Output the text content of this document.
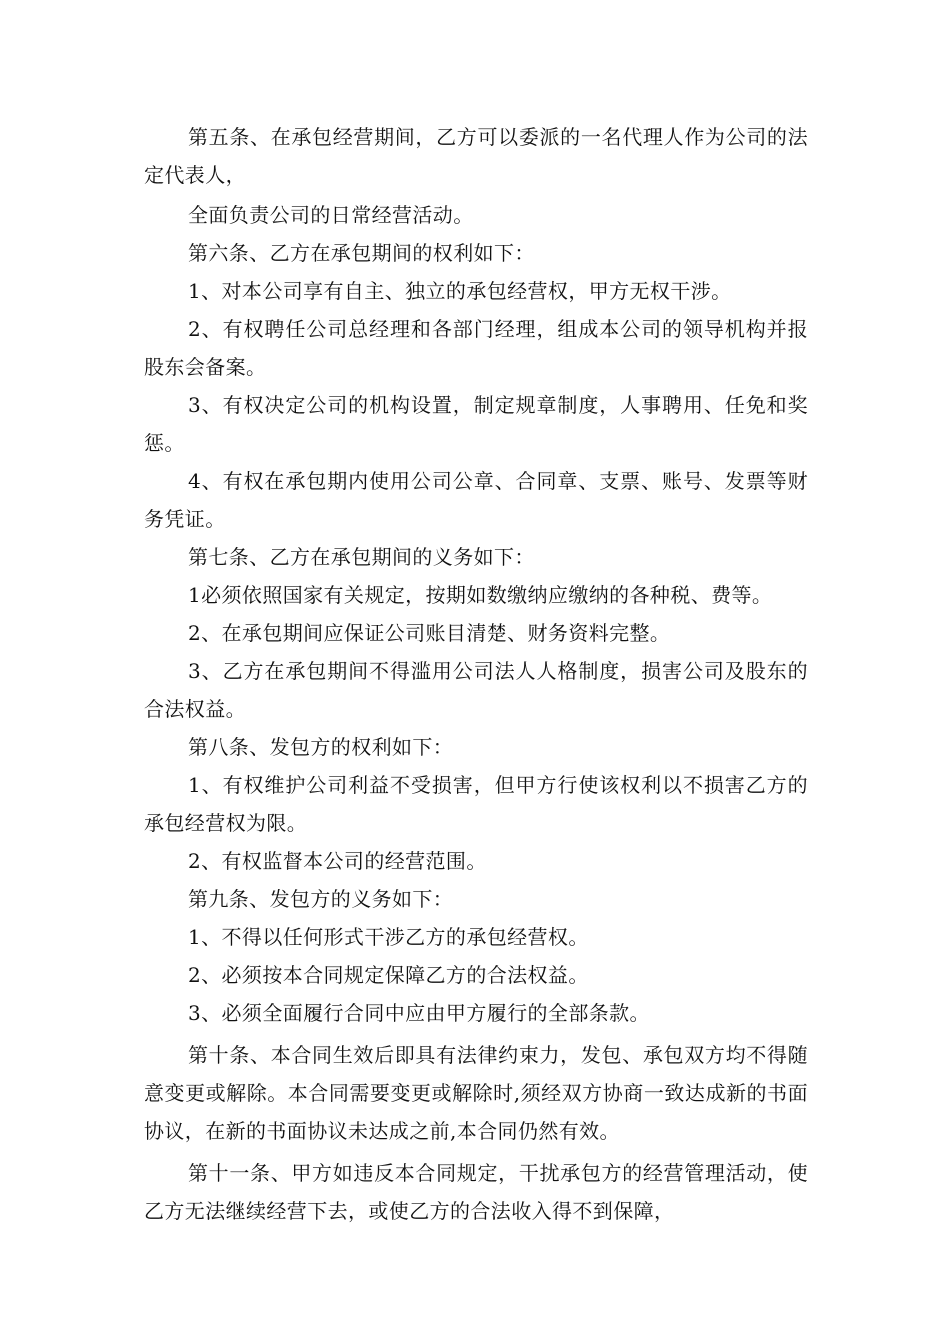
第五条、在承包经营期间，乙方可以委派的一名代理人作为公司的法定代表人，

全面负责公司的日常经营活动。

第六条、乙方在承包期间的权利如下：

1、对本公司享有自主、独立的承包经营权，甲方无权干涉。

2、有权聘任公司总经理和各部门经理，组成本公司的领导机构并报股东会备案。

3、有权决定公司的机构设置，制定规章制度，人事聘用、任免和奖惩。

4、有权在承包期内使用公司公章、合同章、支票、账号、发票等财务凭证。

第七条、乙方在承包期间的义务如下：

1必须依照国家有关规定，按期如数缴纳应缴纳的各种税、费等。

2、在承包期间应保证公司账目清楚、财务资料完整。

3、乙方在承包期间不得滥用公司法人人格制度，损害公司及股东的合法权益。

第八条、发包方的权利如下：

1、有权维护公司利益不受损害，但甲方行使该权利以不损害乙方的承包经营权为限。

2、有权监督本公司的经营范围。

第九条、发包方的义务如下：

1、不得以任何形式干涉乙方的承包经营权。

2、必须按本合同规定保障乙方的合法权益。

3、必须全面履行合同中应由甲方履行的全部条款。

第十条、本合同生效后即具有法律约束力，发包、承包双方均不得随意变更或解除。本合同需要变更或解除时,须经双方协商一致达成新的书面协议，在新的书面协议未达成之前,本合同仍然有效。

第十一条、甲方如违反本合同规定，干扰承包方的经营管理活动，使乙方无法继续经营下去，或使乙方的合法收入得不到保障，
